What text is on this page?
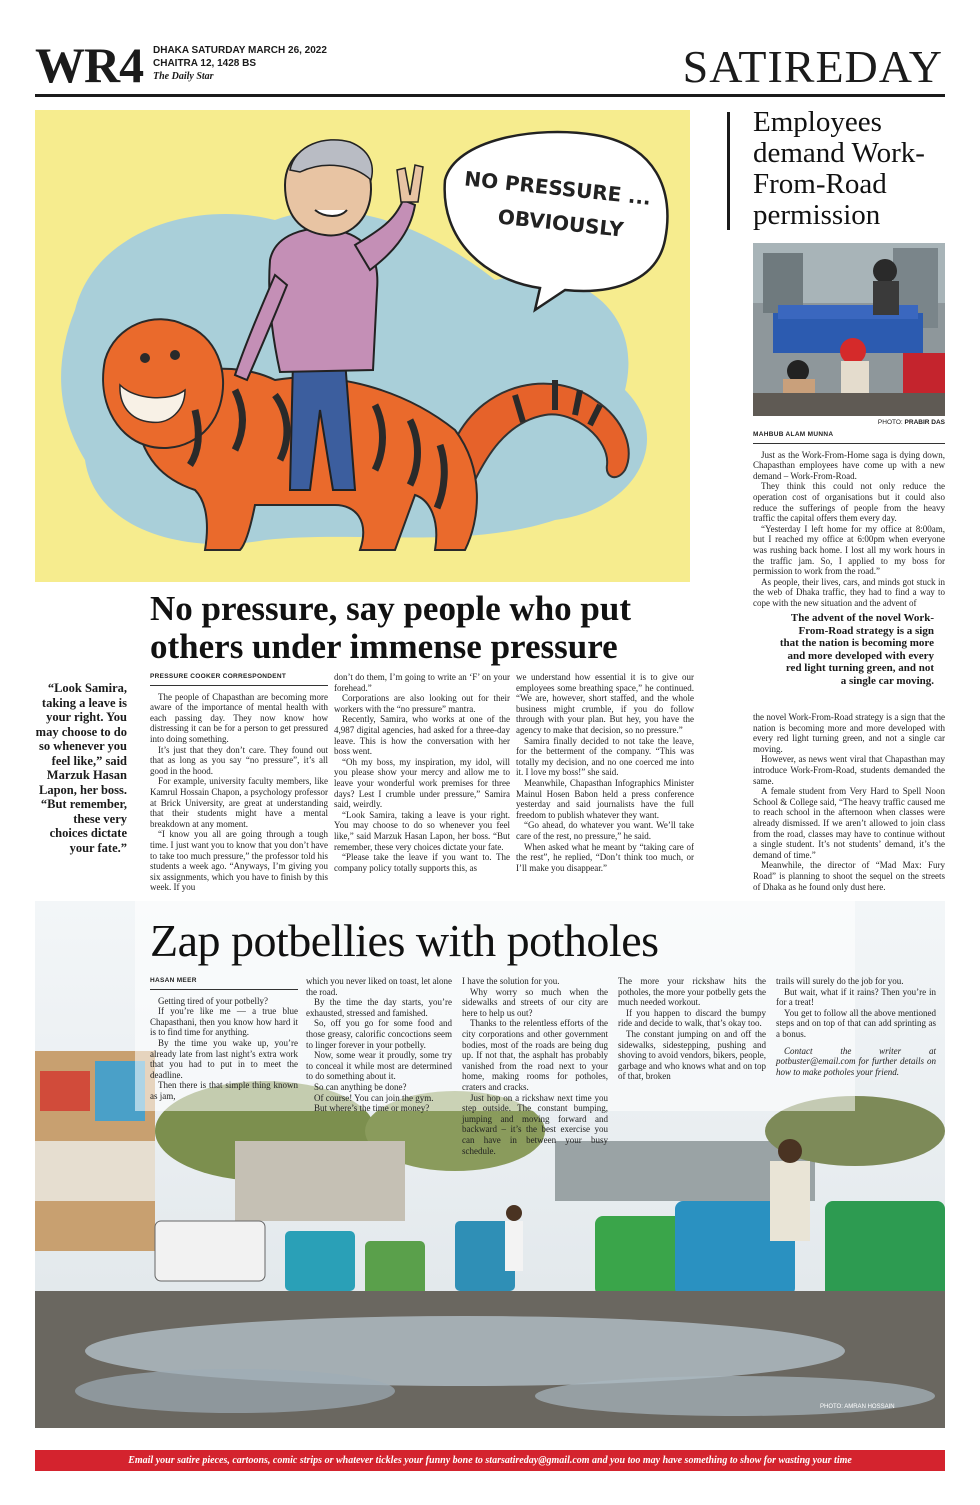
WR4 DHAKA SATURDAY MARCH 26, 2022
CHAITRA 12, 1428 BS
The Daily Star	SATIREDAY
NO PRESSURE ...
OBVIOUSLY
No pressure, say people who put others under immense pressure
“Look Samira, taking a leave is your right. You may choose to do so whenever you feel like,” said Marzuk Hasan Lapon, her boss. “But remember, these very choices dictate your fate.”
PRESSURE COOKER CORRESPONDENT

The people of Chapasthan are becoming more aware of the importance of mental health with each passing day. They now know how distressing it can be for a person to get pressured into doing something.

It’s just that they don’t care. They found out that as long as you say “no pressure”, it’s all good in the hood.

For example, university faculty members, like Kamrul Hossain Chapon, a psychology professor at Brick University, are great at understanding that their students might have a mental breakdown at any moment.

“I know you all are going through a tough time. I just want you to know that you don’t have to take too much pressure,” the professor told his students a week ago. “Anyways, I’m giving you six assignments, which you have to finish by this week. If you

don’t do them, I’m going to write an ‘F’ on your forehead.”

Corporations are also looking out for their workers with the “no pressure” mantra.

Recently, Samira, who works at one of the 4,987 digital agencies, had asked for a three-day leave. This is how the conversation with her boss went.

“Oh my boss, my inspiration, my idol, will you please show your mercy and allow me to leave your wonderful work premises for three days? Lest I crumble under pressure,” Samira said, weirdly.

“Look Samira, taking a leave is your right. You may choose to do so whenever you feel like,” said Marzuk Hasan Lapon, her boss. “But remember, these very choices dictate your fate.

“Please take the leave if you want to. The company policy totally supports this, as

we understand how essential it is to give our employees some breathing space,” he continued. “We are, however, short staffed, and the whole business might crumble, if you do follow through with your plan. But hey, you have the agency to make that decision, so no pressure.”

Samira finally decided to not take the leave, for the betterment of the company. “This was totally my decision, and no one coerced me into it. I love my boss!” she said.

Meanwhile, Chapasthan Infographics Minister Mainul Hosen Babon held a press conference yesterday and said journalists have the full freedom to publish whatever they want.

“Go ahead, do whatever you want. We’ll take care of the rest, no pressure,” he said.

When asked what he meant by “taking care of the rest”, he replied, “Don’t think too much, or I’ll make you disappear.”

Employees demand Work-From-Road permission
PHOTO: PRABIR DAS
MAHBUB ALAM MUNNA

Just as the Work-From-Home saga is dying down, Chapasthan employees have come up with a new demand – Work-From-Road.

They think this could not only reduce the operation cost of organisations but it could also reduce the sufferings of people from the heavy traffic the capital offers them every day.

“Yesterday I left home for my office at 8:00am, but I reached my office at 6:00pm when everyone was rushing back home. I lost all my work hours in the traffic jam. So, I applied to my boss for permission to work from the road.”

As people, their lives, cars, and minds got stuck in the web of Dhaka traffic, they had to find a way to cope with the new situation and the advent of

The advent of the novel Work-From-Road strategy is a sign that the nation is becoming more and more developed with every red light turning green, and not a single car moving.

the novel Work-From-Road strategy is a sign that the nation is becoming more and more developed with every red light turning green, and not a single car moving.

However, as news went viral that Chapasthan may introduce Work-From-Road, students demanded the same.

A female student from Very Hard to Spell Noon School & College said, “The heavy traffic caused me to reach school in the afternoon when classes were already dismissed. If we aren’t allowed to join class from the road, classes may have to continue without a single student. It’s not students’ demand, it’s the demand of time.”

Meanwhile, the director of “Mad Max: Fury Road” is planning to shoot the sequel on the streets of Dhaka as he found only dust here.

Zap potbellies with potholes
HASAN MEER

Getting tired of your potbelly?

If you’re like me — a true blue Chapasthani, then you know how hard it is to find time for anything.

By the time you wake up, you’re already late from last night’s extra work that you had to put in to meet the deadline.

Then there is that simple thing known as jam,

which you never liked on toast, let alone the road.

By the time the day starts, you’re exhausted, stressed and famished.

So, off you go for some food and those greasy, calorific concoctions seem to linger forever in your potbelly.

Now, some wear it proudly, some try to conceal it while most are determined to do something about it.

So can anything be done?

Of course! You can join the gym.

But where’s the time or money?

I have the solution for you.

Why worry so much when the sidewalks and streets of our city are here to help us out?

Thanks to the relentless efforts of the city corporations and other government bodies, most of the roads are being dug up. If not that, the asphalt has probably vanished from the road next to your home, making rooms for potholes, craters and cracks.

Just hop on a rickshaw next time you step outside. The constant bumping, jumping and moving forward and backward – it’s the best exercise you can have in between your busy schedule.

The more your rickshaw hits the potholes, the more your potbelly gets the much needed workout.

If you happen to discard the bumpy ride and decide to walk, that’s okay too.

The constant jumping on and off the sidewalks, sidestepping, pushing and shoving to avoid vendors, bikers, people, garbage and who knows what and on top of that, broken

trails will surely do the job for you.

But wait, what if it rains? Then you’re in for a treat!

You get to follow all the above mentioned steps and on top of that can add sprinting as a bonus.

Contact the writer at potbuster@email.com for further details on how to make potholes your friend.

PHOTO: AMRAN HOSSAIN
Email your satire pieces, cartoons, comic strips or whatever tickles your funny bone to starsatireday@gmail.com and you too may have something to show for wasting your time
